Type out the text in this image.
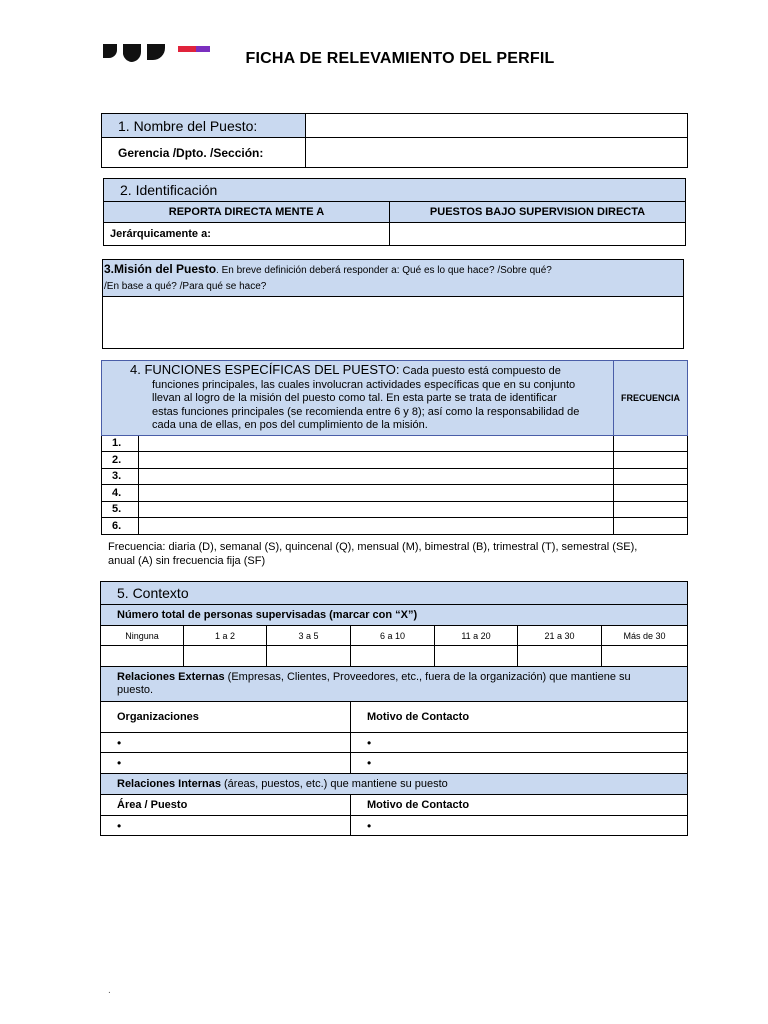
FICHA DE RELEVAMIENTO DEL PERFIL
1. Nombre del Puesto:	
Gerencia /Dpto. /Sección:	
2. Identificación	
REPORTA DIRECTA MENTE A	PUESTOS BAJO SUPERVISION DIRECTA
Jerárquicamente a:	
3.Misión del Puesto. En breve definición deberá responder a: Qué es lo que hace? /Sobre qué?
/En base a qué? /Para qué se hace?

4. FUNCIONES ESPECÍFICAS DEL PUESTO: Cada puesto está compuesto de
funciones principales, las cuales involucran actividades específicas que en su conjunto
llevan al logro de la misión del puesto como tal. En esta parte se trata de identificar
estas funciones principales (se recomienda entre 6 y 8); así como la responsabilidad de
cada una de ellas, en pos del cumplimiento de la misión.		FRECUENCIA
1.		
2.		
3.		
4.		
5.		
6.		
Frecuencia: diaria (D), semanal (S), quincenal (Q), mensual (M), bimestral (B), trimestral (T), semestral (SE),
anual (A) sin frecuencia fija (SF)
5. Contexto						
Número total de personas supervisadas (marcar con “X”)						
Ninguna	1 a 2	3 a 5	6 a 10	11 a 20	21 a 30	Más de 30

Relaciones Externas (Empresas, Clientes, Proveedores, etc., fuera de la organización) que mantiene su
puesto.						
Organizaciones			Motivo de Contacto			
•			•			
•			•			
Relaciones Internas (áreas, puestos, etc.) que mantiene su puesto						
Área / Puesto			Motivo de Contacto			
•			•			
.
